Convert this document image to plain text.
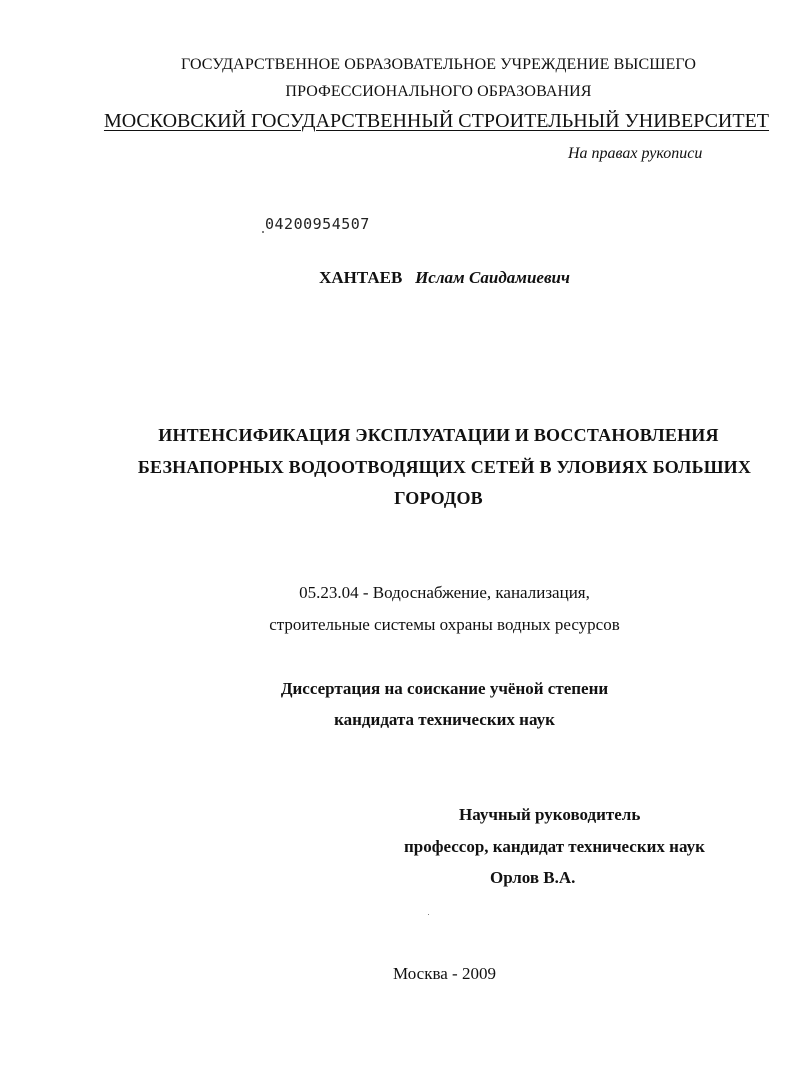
ГОСУДАРСТВЕННОЕ ОБРАЗОВАТЕЛЬНОЕ УЧРЕЖДЕНИЕ ВЫСШЕГО
ПРОФЕССИОНАЛЬНОГО ОБРАЗОВАНИЯ
МОСКОВСКИЙ ГОСУДАРСТВЕННЫЙ СТРОИТЕЛЬНЫЙ УНИВЕРСИТЕТ
На правах рукописи
04200954507
ХАНТАЕВ Ислам Саидамиевич
ИНТЕНСИФИКАЦИЯ ЭКСПЛУАТАЦИИ И ВОССТАНОВЛЕНИЯ
БЕЗНАПОРНЫХ ВОДООТВОДЯЩИХ СЕТЕЙ В УЛОВИЯХ БОЛЬШИХ
ГОРОДОВ
05.23.04 - Водоснабжение, канализация,
строительные системы охраны водных ресурсов
Диссертация на соискание учёной степени
кандидата технических наук
Научный руководитель
профессор, кандидат технических наук
Орлов В.А.
Москва - 2009
